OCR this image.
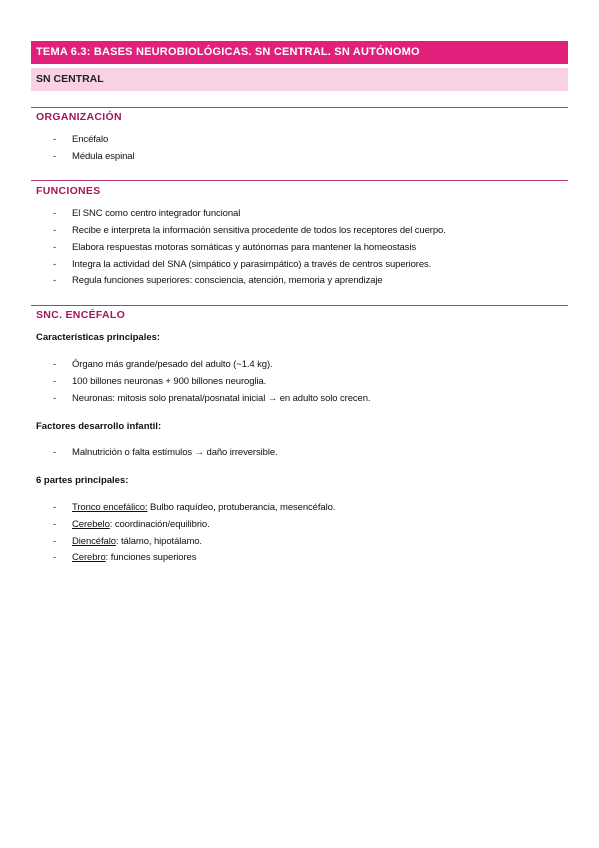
TEMA 6.3: BASES NEUROBIOLÓGICAS. SN CENTRAL. SN AUTÓNOMO
SN CENTRAL
ORGANIZACIÓN
- Encéfalo
- Médula espinal
FUNCIONES
- El SNC como centro integrador funcional
- Recibe e interpreta la información sensitiva procedente de todos los receptores del cuerpo.
- Elabora respuestas motoras somáticas y autónomas para mantener la homeostasis
- Integra la actividad del SNA (simpático y parasimpático) a través de centros superiores.
- Regula funciones superiores: consciencia, atención, memoria y aprendizaje
SNC. ENCÉFALO
Características principales:
- Órgano más grande/pesado del adulto (~1.4 kg).
- 100 billones neuronas + 900 billones neuroglia.
- Neuronas: mitosis solo prenatal/posnatal inicial → en adulto solo crecen.
Factores desarrollo infantil:
- Malnutrición o falta estímulos → daño irreversible.
6 partes principales:
- Tronco encefálico: Bulbo raquídeo, protuberancia, mesencéfalo.
- Cerebelo: coordinación/equilibrio.
- Diencéfalo: tálamo, hipotálamo.
- Cerebro: funciones superiores
